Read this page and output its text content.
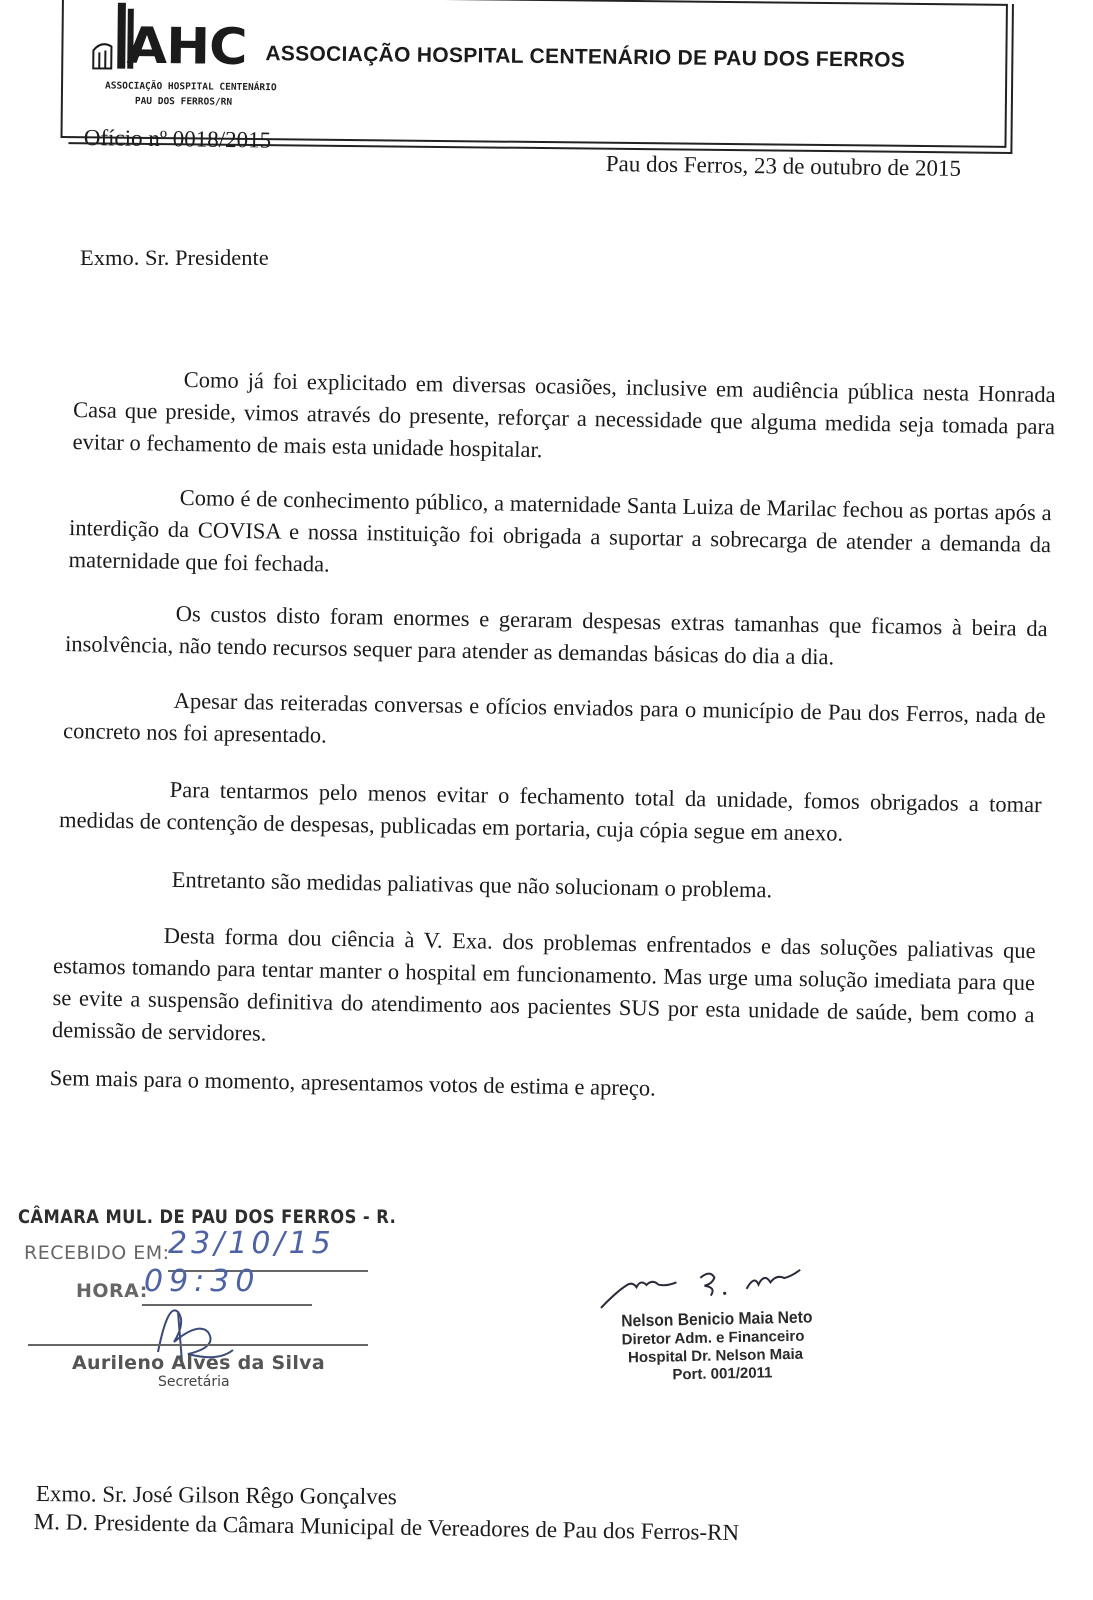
AHC
ASSOCIAÇÃO HOSPITAL CENTENÁRIO
PAU DOS FERROS/RN
ASSOCIAÇÃO HOSPITAL CENTENÁRIO DE PAU DOS FERROS
Ofício nº 0018/2015
Pau dos Ferros, 23 de outubro de 2015
Exmo. Sr. Presidente

Como já foi explicitado em diversas ocasiões, inclusive em audiência pública nesta Honrada Casa que preside, vimos através do presente, reforçar a necessidade que alguma medida seja tomada para evitar o fechamento de mais esta unidade hospitalar.

Como é de conhecimento público, a maternidade Santa Luiza de Marilac fechou as portas após a interdição da COVISA e nossa instituição foi obrigada a suportar a sobrecarga de atender a demanda da maternidade que foi fechada.

Os custos disto foram enormes e geraram despesas extras tamanhas que ficamos à beira da insolvência, não tendo recursos sequer para atender as demandas básicas do dia a dia.

Apesar das reiteradas conversas e ofícios enviados para o município de Pau dos Ferros, nada de concreto nos foi apresentado.

Para tentarmos pelo menos evitar o fechamento total da unidade, fomos obrigados a tomar medidas de contenção de despesas, publicadas em portaria, cuja cópia segue em anexo.

Entretanto são medidas paliativas que não solucionam o problema.

Desta forma dou ciência à V. Exa. dos problemas enfrentados e das soluções paliativas que estamos tomando para tentar manter o hospital em funcionamento. Mas urge uma solução imediata para que se evite a suspensão definitiva do atendimento aos pacientes SUS por esta unidade de saúde, bem como a demissão de servidores.

Sem mais para o momento, apresentamos votos de estima e apreço.

CÂMARA MUL. DE PAU DOS FERROS - R.
RECEBIDO EM:
23/10/15
HORA:
09:30
Aurileno Alves da Silva
Secretária
Nelson Benicio Maia Neto
Diretor Adm. e Financeiro
Hospital Dr. Nelson Maia
Port. 001/2011
Exmo. Sr. José Gilson Rêgo Gonçalves
M. D. Presidente da Câmara Municipal de Vereadores de Pau dos Ferros-RN
